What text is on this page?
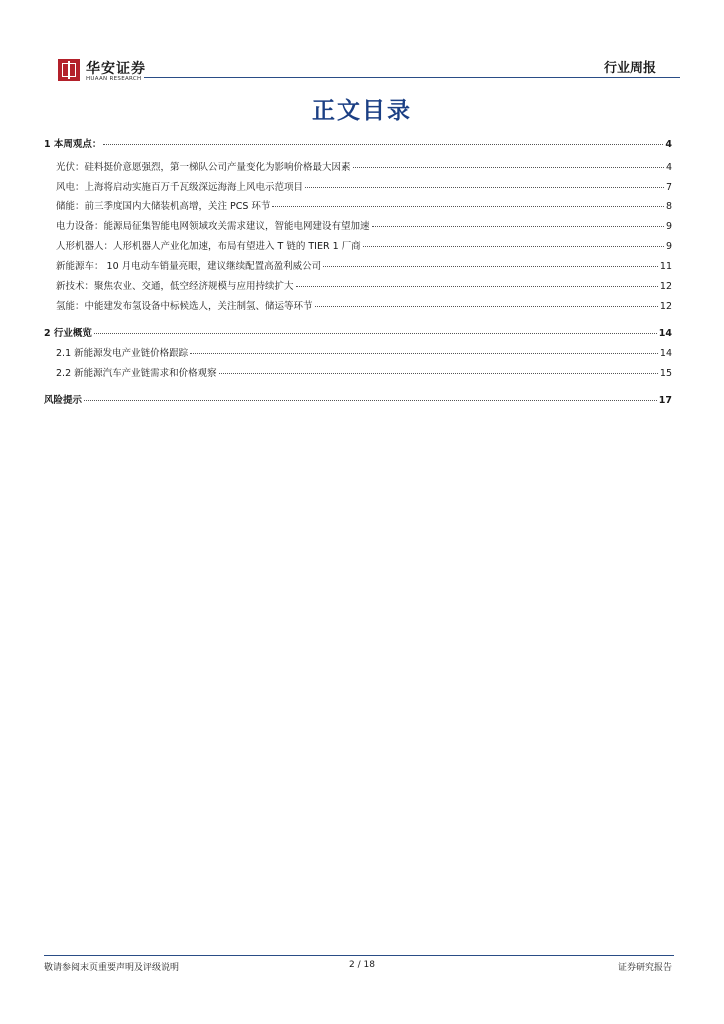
华安证券
HUAAN RESEARCH
行业周报
正文目录
1 本周观点：	4
光伏：硅料挺价意愿强烈，第一梯队公司产量变化为影响价格最大因素	4
风电：上海将启动实施百万千瓦级深远海海上风电示范项目	7
储能：前三季度国内大储装机高增，关注 PCS 环节	8
电力设备：能源局征集智能电网领域攻关需求建议，智能电网建设有望加速	9
人形机器人：人形机器人产业化加速，布局有望进入 T 链的 TIER 1 厂商	9
新能源车： 10 月电动车销量亮眼，建议继续配置高盈利威公司	11
新技术：聚焦农业、交通，低空经济规模与应用持续扩大	12
氢能：中能建发布氢设备中标候选人，关注制氢、储运等环节	12
2 行业概览	14
2.1 新能源发电产业链价格跟踪	14
2.2 新能源汽车产业链需求和价格观察	15
风险提示	17
敬请参阅末页重要声明及评级说明	2 / 18	证券研究报告
